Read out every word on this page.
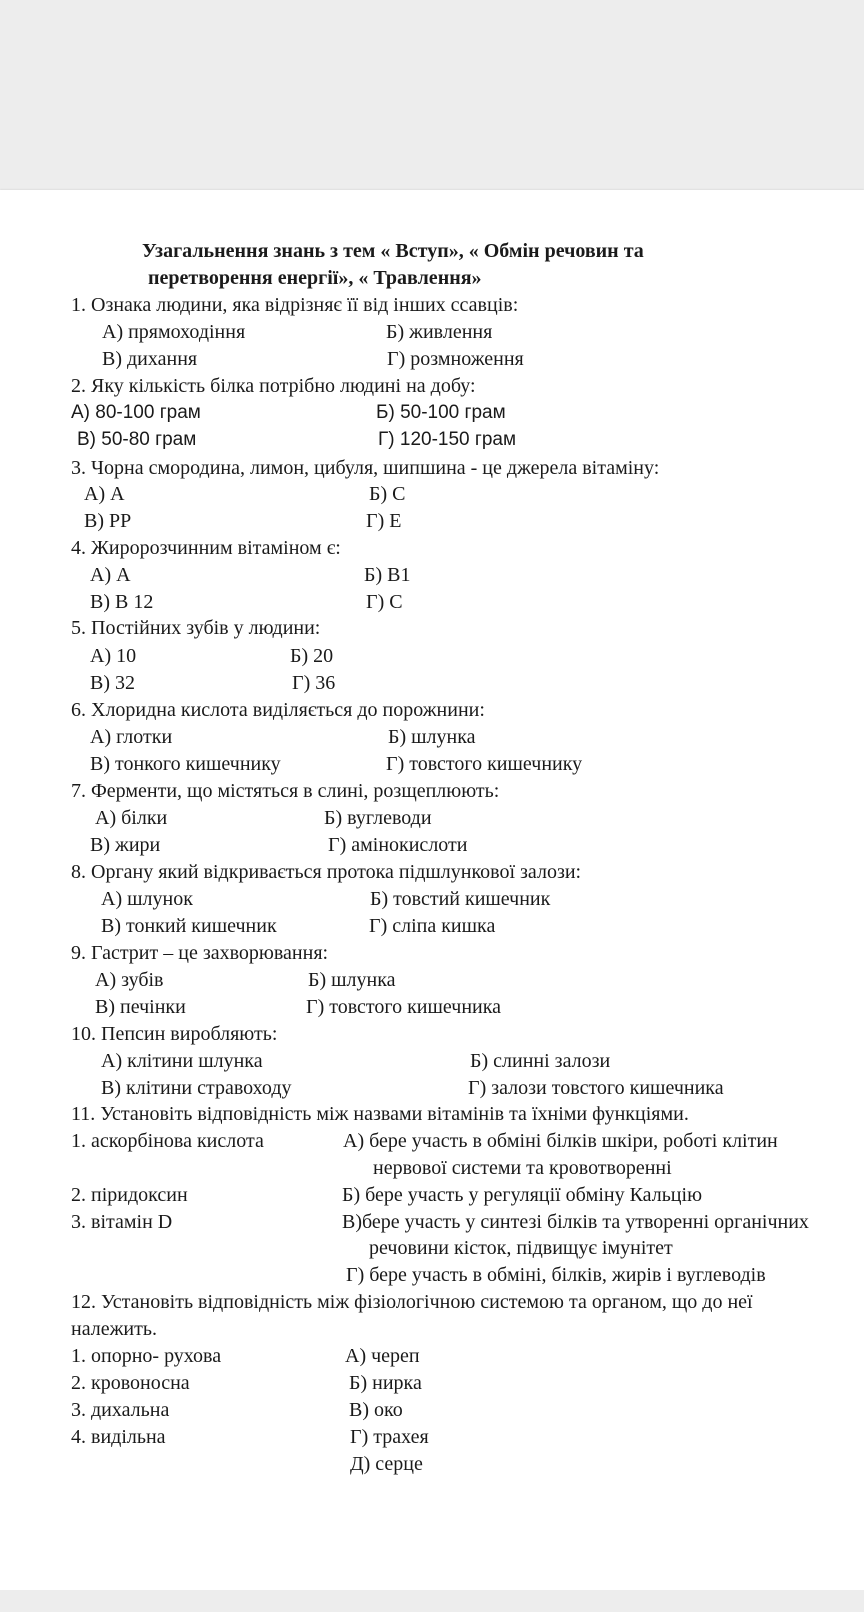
Узагальнення знань з тем « Вступ», « Обмін речовин та
перетворення енергії», « Травлення»
1. Ознака людини, яка відрізняє її від інших ссавців:
А) прямоходіння	Б) живлення
В) дихання	Г) розмноження
2. Яку кількість білка потрібно людині на добу:
А) 80-100 грам	Б) 50-100 грам
В) 50-80 грам	Г) 120-150 грам
3. Чорна смородина, лимон, цибуля, шипшина - це джерела вітаміну:
А) А	Б) С
В) РР	Г) Е
4. Жиророзчинним вітаміном є:
А) А	Б) В1
В) В 12	Г) С
5. Постійних зубів у людини:
А) 10	Б) 20
В) 32	Г) 36
6. Хлоридна кислота виділяється до порожнини:
А) глотки	Б) шлунка
В) тонкого кишечнику	Г) товстого кишечнику
7. Ферменти, що містяться в слині, розщеплюють:
А) білки	Б) вуглеводи
В) жири	Г) амінокислоти
8. Органу який відкривається протока підшлункової залози:
А) шлунок	Б) товстий кишечник
В) тонкий кишечник	Г) сліпа кишка
9. Гастрит – це захворювання:
А) зубів	Б) шлунка
В) печінки	Г) товстого кишечника
10. Пепсин виробляють:
А) клітини шлунка	Б) слинні залози
В) клітини стравоходу	Г) залози товстого кишечника
11. Установіть відповідність між назвами вітамінів та їхніми функціями.
1. аскорбінова кислота	А) бере участь в обміні білків шкіри, роботі клітин
нервової системи та кровотворенні
2. піридоксин	Б) бере участь у регуляції обміну Кальцію
3. вітамін D	В)бере участь у синтезі білків та утворенні органічних
речовини кісток, підвищує імунітет
Г) бере участь в обміні, білків, жирів і вуглеводів
12. Установіть відповідність між фізіологічною системою та органом, що до неї
належить.
1. опорно- рухова	А) череп
2. кровоносна	Б) нирка
3. дихальна	В) око
4. видільна	Г) трахея
Д) серце
